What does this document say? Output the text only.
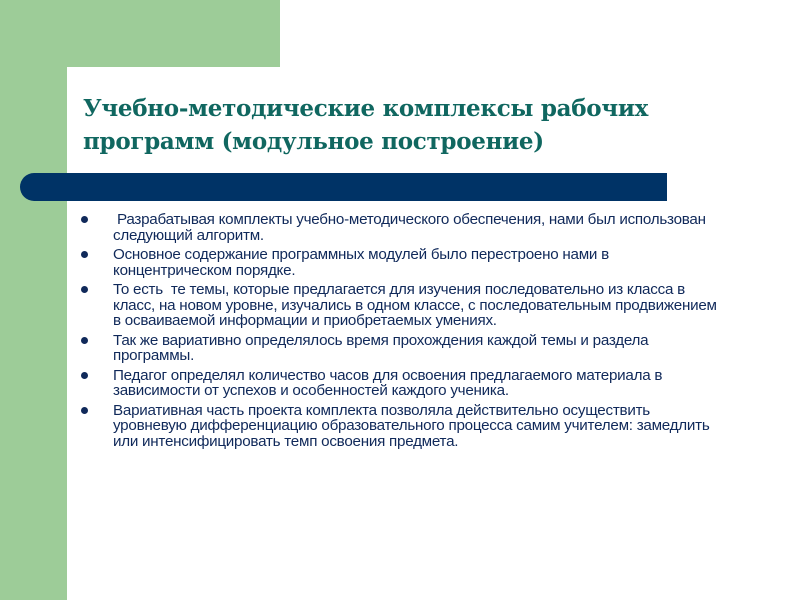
Учебно-методические комплексы рабочих программ (модульное построение)
Разрабатывая комплекты учебно-методического обеспечения, нами был использован следующий алгоритм.
Основное содержание программных модулей было перестроено нами в концентрическом порядке.
То есть  те темы, которые предлагается для изучения последовательно из класса в класс, на новом уровне, изучались в одном классе, с последовательным продвижением в осваиваемой информации и приобретаемых умениях.
Так же вариативно определялось время прохождения каждой темы и раздела программы.
Педагог определял количество часов для освоения предлагаемого материала в зависимости от успехов и особенностей каждого ученика.
Вариативная часть проекта комплекта позволяла действительно осуществить уровневую дифференциацию образовательного процесса самим учителем: замедлить или интенсифицировать темп освоения предмета.
